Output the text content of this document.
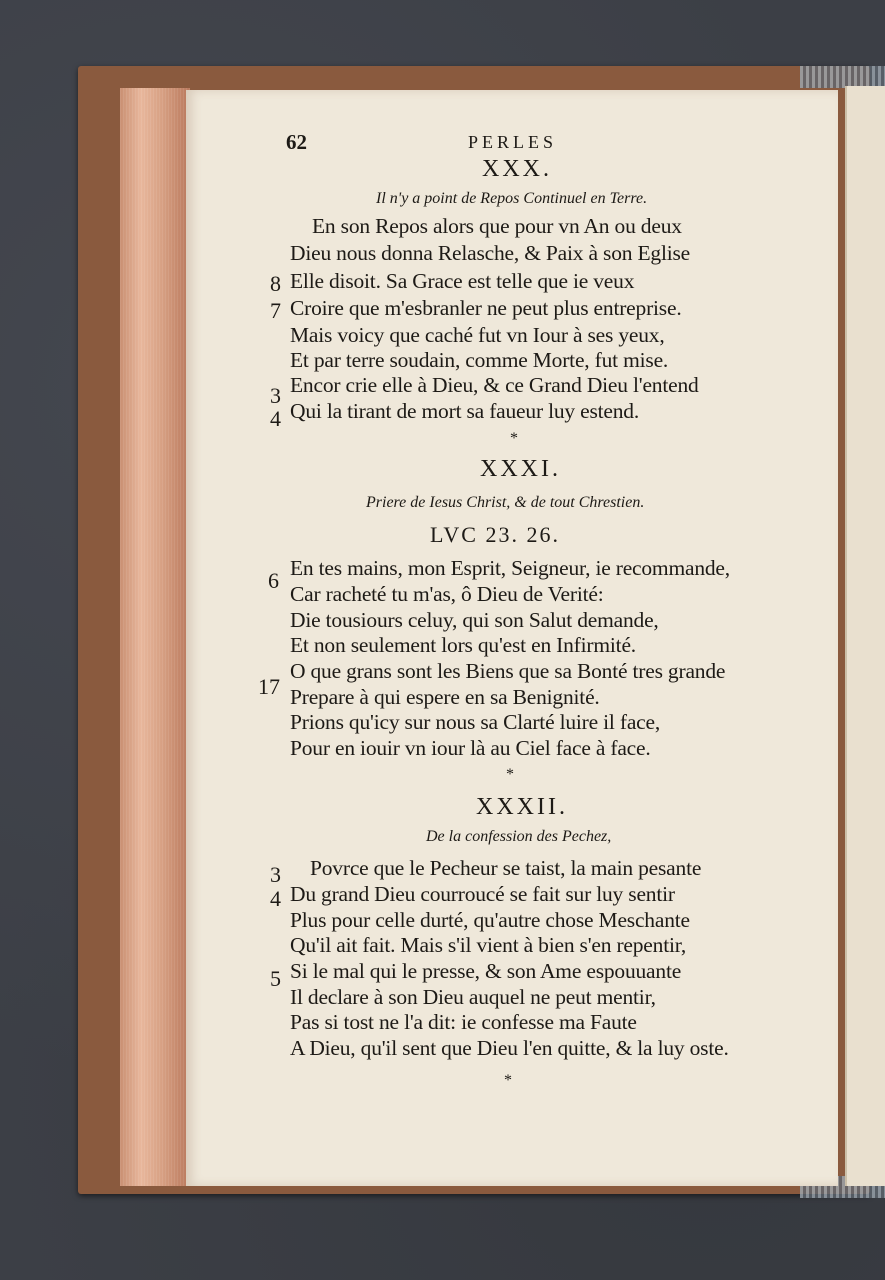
62	PERLES
XXX.
Il n'y a point de Repos Continuel en Terre.
En son Repos alors que pour vn An ou deux
Dieu nous donna Relasche, & Paix à son Eglise
Elle disoit. Sa Grace est telle que ie veux
Croire que m'esbranler ne peut plus entreprise.
Mais voicy que caché fut vn Iour à ses yeux,
Et par terre soudain, comme Morte, fut mise.
Encor crie elle à Dieu, & ce Grand Dieu l'entend
Qui la tirant de mort sa faueur luy estend.
8
7
3
4
*
XXXI.
Priere de Iesus Christ, & de tout Chrestien.
LVC 23. 26.
En tes mains, mon Esprit, Seigneur, ie recommande,
Car racheté tu m'as, ô Dieu de Verité:
Die tousiours celuy, qui son Salut demande,
Et non seulement lors qu'est en Infirmité.
O que grans sont les Biens que sa Bonté tres grande
Prepare à qui espere en sa Benignité.
Prions qu'icy sur nous sa Clarté luire il face,
Pour en iouir vn iour là au Ciel face à face.
6
17
*
XXXII.
De la confession des Pechez,
Povrce que le Pecheur se taist, la main pesante
Du grand Dieu courroucé se fait sur luy sentir
Plus pour celle durté, qu'autre chose Meschante
Qu'il ait fait. Mais s'il vient à bien s'en repentir,
Si le mal qui le presse, & son Ame espouuante
Il declare à son Dieu auquel ne peut mentir,
Pas si tost ne l'a dit: ie confesse ma Faute
A Dieu, qu'il sent que Dieu l'en quitte, & la luy oste.
3
4
5
*
